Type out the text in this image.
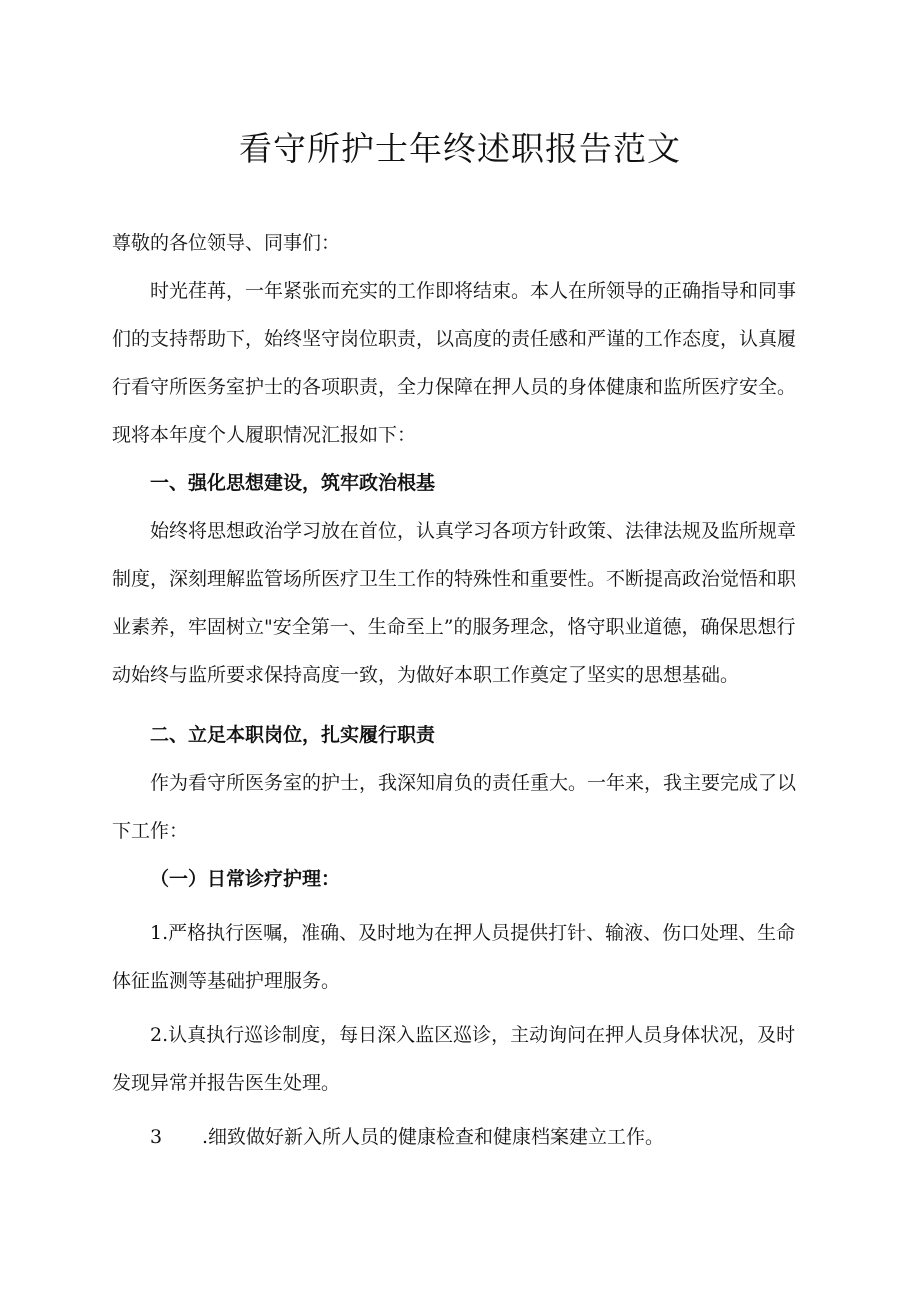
看守所护士年终述职报告范文

尊敬的各位领导、同事们：

时光荏苒，一年紧张而充实的工作即将结束。本人在所领导的正确指导和同事们的支持帮助下，始终坚守岗位职责，以高度的责任感和严谨的工作态度，认真履行看守所医务室护士的各项职责，全力保障在押人员的身体健康和监所医疗安全。现将本年度个人履职情况汇报如下：

一、强化思想建设，筑牢政治根基

始终将思想政治学习放在首位，认真学习各项方针政策、法律法规及监所规章制度，深刻理解监管场所医疗卫生工作的特殊性和重要性。不断提高政治觉悟和职业素养，牢固树立"安全第一、生命至上”的服务理念，恪守职业道德，确保思想行动始终与监所要求保持高度一致，为做好本职工作奠定了坚实的思想基础。

二、立足本职岗位，扎实履行职责

作为看守所医务室的护士，我深知肩负的责任重大。一年来，我主要完成了以下工作：

（一）日常诊疗护理：

1.严格执行医嘱，准确、及时地为在押人员提供打针、输液、伤口处理、生命体征监测等基础护理服务。

2.认真执行巡诊制度，每日深入监区巡诊，主动询问在押人员身体状况，及时发现异常并报告医生处理。

3 .细致做好新入所人员的健康检查和健康档案建立工作。
